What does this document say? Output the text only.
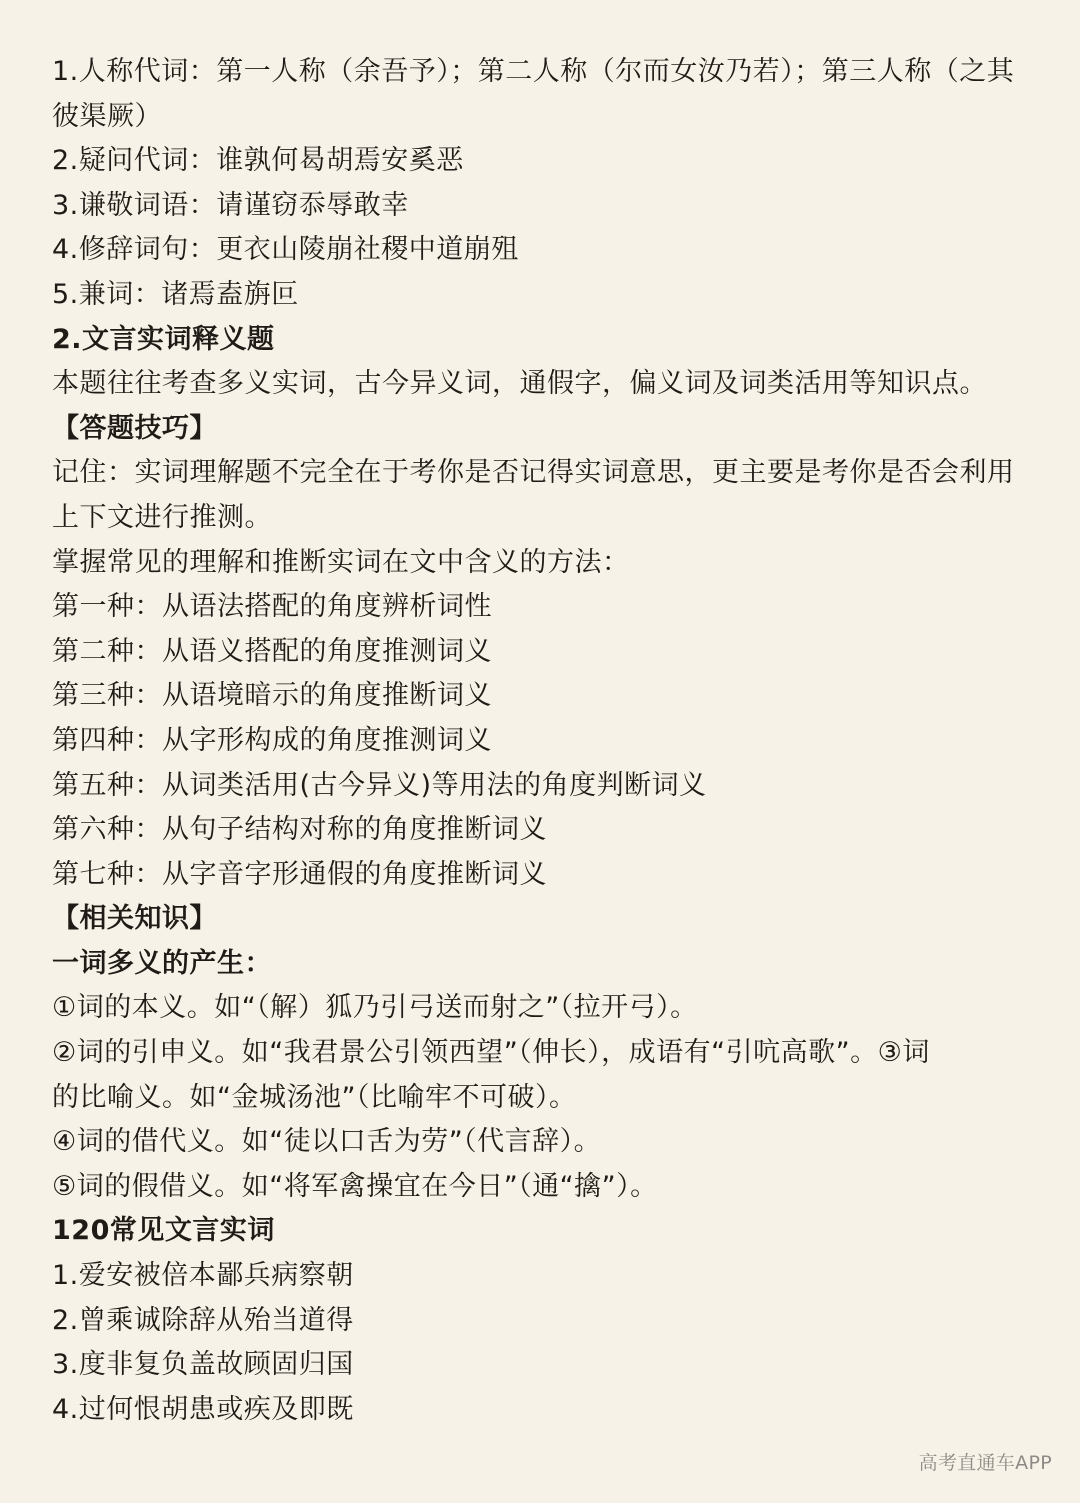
1.人称代词：第一人称（余吾予）；第二人称（尔而女汝乃若）；第三人称（之其
彼渠厥）
2.疑问代词：谁孰何曷胡焉安奚恶
3.谦敬词语：请谨窃忝辱敢幸
4.修辞词句：更衣山陵崩社稷中道崩殂
5.兼词：诸焉盍旃叵
2.文言实词释义题
本题往往考查多义实词，古今异义词，通假字，偏义词及词类活用等知识点。
【答题技巧】
记住：实词理解题不完全在于考你是否记得实词意思，更主要是考你是否会利用
上下文进行推测。
掌握常见的理解和推断实词在文中含义的方法：
第一种：从语法搭配的角度辨析词性
第二种：从语义搭配的角度推测词义
第三种：从语境暗示的角度推断词义
第四种：从字形构成的角度推测词义
第五种：从词类活用(古今异义)等用法的角度判断词义
第六种：从句子结构对称的角度推断词义
第七种：从字音字形通假的角度推断词义
【相关知识】
一词多义的产生：
①词的本义。如“（解）狐乃引弓送而射之”（拉开弓）。
②词的引申义。如“我君景公引领西望”（伸长），成语有“引吭高歌”。③词
的比喻义。如“金城汤池”（比喻牢不可破）。
④词的借代义。如“徒以口舌为劳”（代言辞）。
⑤词的假借义。如“将军禽操宜在今日”（通“擒”）。
120常见文言实词
1.爱安被倍本鄙兵病察朝
2.曾乘诚除辞从殆当道得
3.度非复负盖故顾固归国
4.过何恨胡患或疾及即既
高考直通车APP
